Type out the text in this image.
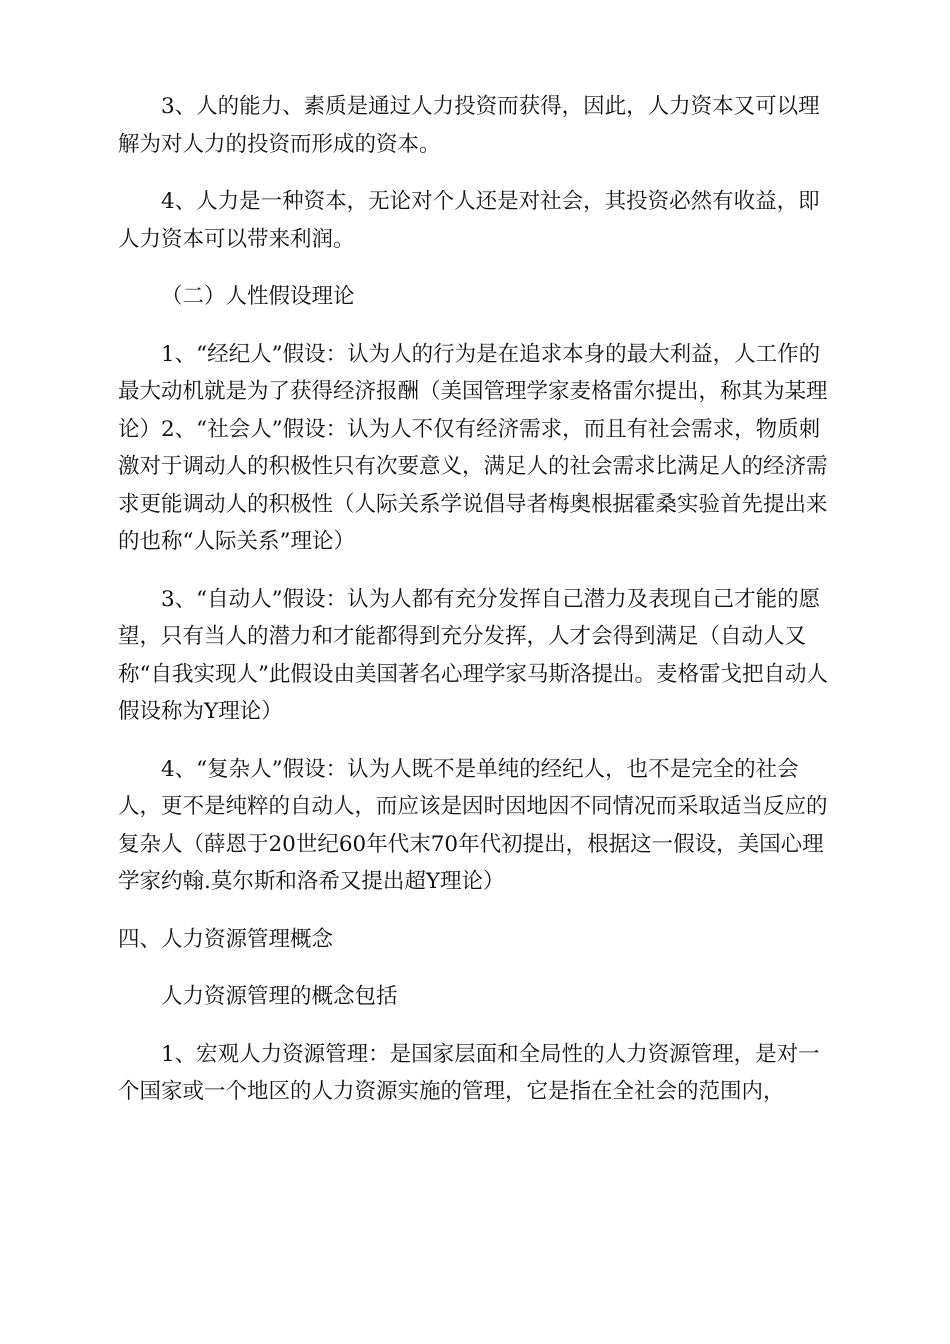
3、人的能力、素质是通过人力投资而获得，因此，人力资本又可以理解为对人力的投资而形成的资本。

4、人力是一种资本，无论对个人还是对社会，其投资必然有收益，即人力资本可以带来利润。

（二）人性假设理论

1、“经纪人”假设：认为人的行为是在追求本身的最大利益，人工作的最大动机就是为了获得经济报酬（美国管理学家麦格雷尔提出，称其为某理论）2、“社会人”假设：认为人不仅有经济需求，而且有社会需求，物质刺激对于调动人的积极性只有次要意义，满足人的社会需求比满足人的经济需求更能调动人的积极性（人际关系学说倡导者梅奥根据霍桑实验首先提出来的也称“人际关系”理论）

3、“自动人”假设：认为人都有充分发挥自己潜力及表现自己才能的愿望，只有当人的潜力和才能都得到充分发挥，人才会得到满足（自动人又称“自我实现人”此假设由美国著名心理学家马斯洛提出。麦格雷戈把自动人假设称为Y理论）

4、“复杂人”假设：认为人既不是单纯的经纪人，也不是完全的社会人，更不是纯粹的自动人，而应该是因时因地因不同情况而采取适当反应的复杂人（薛恩于20世纪60年代末70年代初提出，根据这一假设，美国心理学家约翰.莫尔斯和洛希又提出超Y理论）

四、人力资源管理概念

人力资源管理的概念包括

1、宏观人力资源管理：是国家层面和全局性的人力资源管理，是对一个国家或一个地区的人力资源实施的管理，它是指在全社会的范围内，
